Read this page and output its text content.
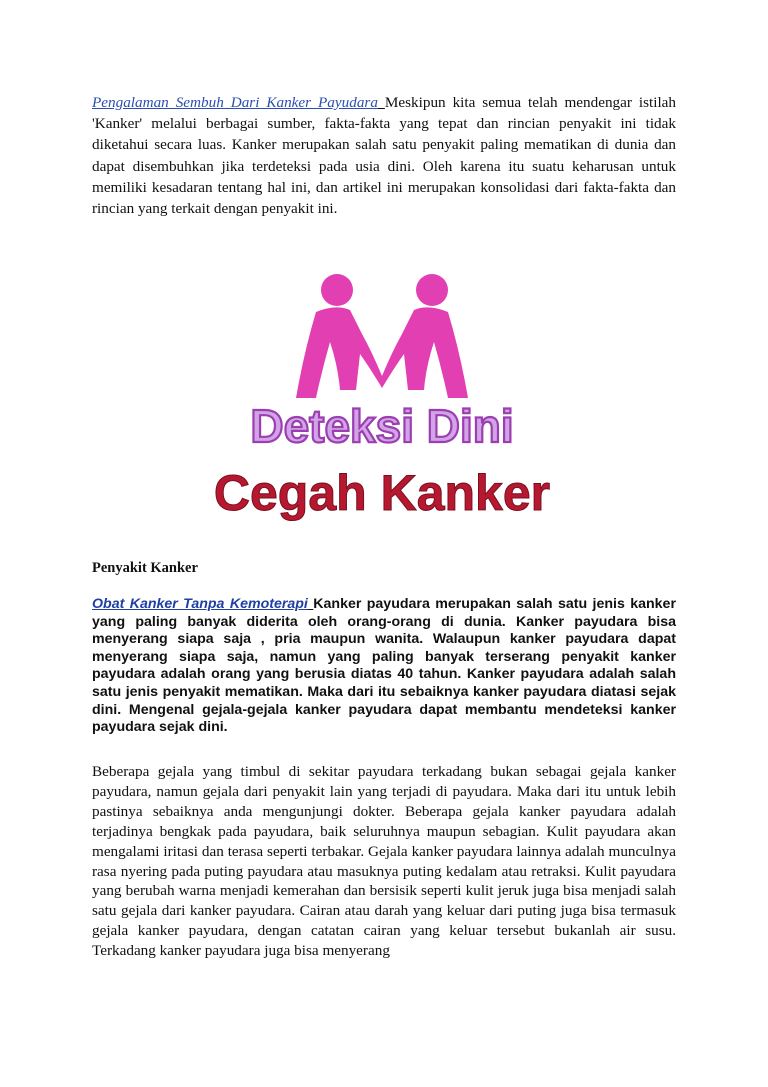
Pengalaman Sembuh Dari Kanker Payudara Meskipun kita semua telah mendengar istilah 'Kanker' melalui berbagai sumber, fakta-fakta yang tepat dan rincian penyakit ini tidak diketahui secara luas. Kanker merupakan salah satu penyakit paling mematikan di dunia dan dapat disembuhkan jika terdeteksi pada usia dini. Oleh karena itu suatu keharusan untuk memiliki kesadaran tentang hal ini, dan artikel ini merupakan konsolidasi dari fakta-fakta dan rincian yang terkait dengan penyakit ini.

Deteksi Dini
Cegah Kanker
Penyakit Kanker

Obat Kanker Tanpa Kemoterapi Kanker payudara merupakan salah satu jenis kanker yang paling banyak diderita oleh orang-orang di dunia. Kanker payudara bisa menyerang siapa saja , pria maupun wanita. Walaupun kanker payudara dapat menyerang siapa saja, namun yang paling banyak terserang penyakit kanker payudara adalah orang yang berusia diatas 40 tahun. Kanker payudara adalah salah satu jenis penyakit mematikan. Maka dari itu sebaiknya kanker payudara diatasi sejak dini. Mengenal gejala-gejala kanker payudara dapat membantu mendeteksi kanker payudara sejak dini.

Beberapa gejala yang timbul di sekitar payudara terkadang bukan sebagai gejala kanker payudara, namun gejala dari penyakit lain yang terjadi di payudara. Maka dari itu untuk lebih pastinya sebaiknya anda mengunjungi dokter. Beberapa gejala kanker payudara adalah terjadinya bengkak pada payudara, baik seluruhnya maupun sebagian. Kulit payudara akan mengalami iritasi dan terasa seperti terbakar. Gejala kanker payudara lainnya adalah munculnya rasa nyering pada puting payudara atau masuknya puting kedalam atau retraksi. Kulit payudara yang berubah warna menjadi kemerahan dan bersisik seperti kulit jeruk juga bisa menjadi salah satu gejala dari kanker payudara. Cairan atau darah yang keluar dari puting juga bisa termasuk gejala kanker payudara, dengan catatan cairan yang keluar tersebut bukanlah air susu. Terkadang kanker payudara juga bisa menyerang
